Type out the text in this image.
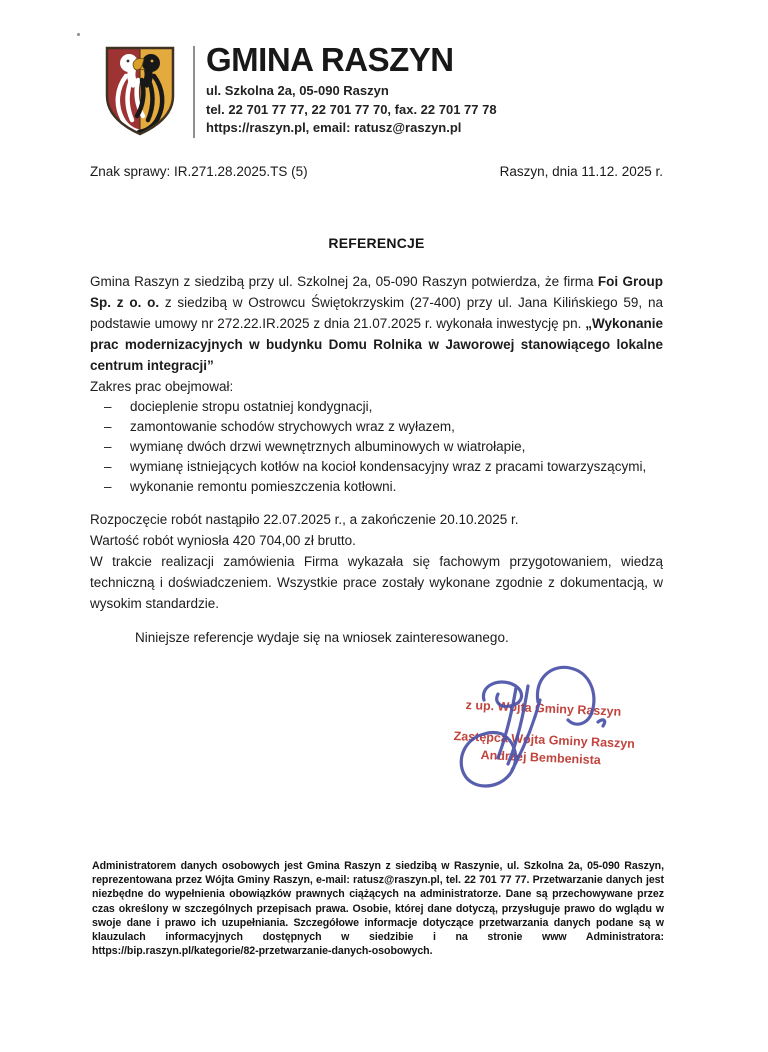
GMINA RASZYN
ul. Szkolna 2a, 05-090 Raszyn
tel. 22 701 77 77, 22 701 77 70, fax. 22 701 77 78
https://raszyn.pl, email: ratusz@raszyn.pl
Znak sprawy: IR.271.28.2025.TS (5)	Raszyn, dnia 11.12. 2025 r.
REFERENCJE

Gmina Raszyn z siedzibą przy ul. Szkolnej 2a, 05-090 Raszyn potwierdza, że firma Foi Group Sp. z o. o. z siedzibą w Ostrowcu Świętokrzyskim (27-400) przy ul. Jana Kilińskiego 59, na podstawie umowy nr 272.22.IR.2025 z dnia 21.07.2025 r. wykonała inwestycję pn. „Wykonanie prac modernizacyjnych w budynku Domu Rolnika w Jaworowej stanowiącego lokalne centrum integracji”

Zakres prac obejmował:
–	docieplenie stropu ostatniej kondygnacji,
–	zamontowanie schodów strychowych wraz z wyłazem,
–	wymianę dwóch drzwi wewnętrznych albuminowych w wiatrołapie,
–	wymianę istniejących kotłów na kocioł kondensacyjny wraz z pracami towarzyszącymi,
–	wykonanie remontu pomieszczenia kotłowni.
Rozpoczęcie robót nastąpiło 22.07.2025 r., a zakończenie 20.10.2025 r.
Wartość robót wyniosła 420 704,00 zł brutto.

W trakcie realizacji zamówienia Firma wykazała się fachowym przygotowaniem, wiedzą techniczną i doświadczeniem. Wszystkie prace zostały wykonane zgodnie z dokumentacją, w wysokim standardzie.

Niniejsze referencje wydaje się na wniosek zainteresowanego.
z up. Wójta Gminy Raszyn
Zastępca Wójta Gminy Raszyn
Andrzej Bembenista
Administratorem danych osobowych jest Gmina Raszyn z siedzibą w Raszynie, ul. Szkolna 2a, 05-090 Raszyn, reprezentowana przez Wójta Gminy Raszyn, e-mail: ratusz@raszyn.pl, tel. 22 701 77 77. Przetwarzanie danych jest niezbędne do wypełnienia obowiązków prawnych ciążących na administratorze. Dane są przechowywane przez czas określony w szczególnych przepisach prawa. Osobie, której dane dotyczą, przysługuje prawo do wglądu w swoje dane i prawo ich uzupełniania. Szczegółowe informacje dotyczące przetwarzania danych podane są w klauzulach informacyjnych dostępnych w siedzibie i na stronie www Administratora: https://bip.raszyn.pl/kategorie/82-przetwarzanie-danych-osobowych.
